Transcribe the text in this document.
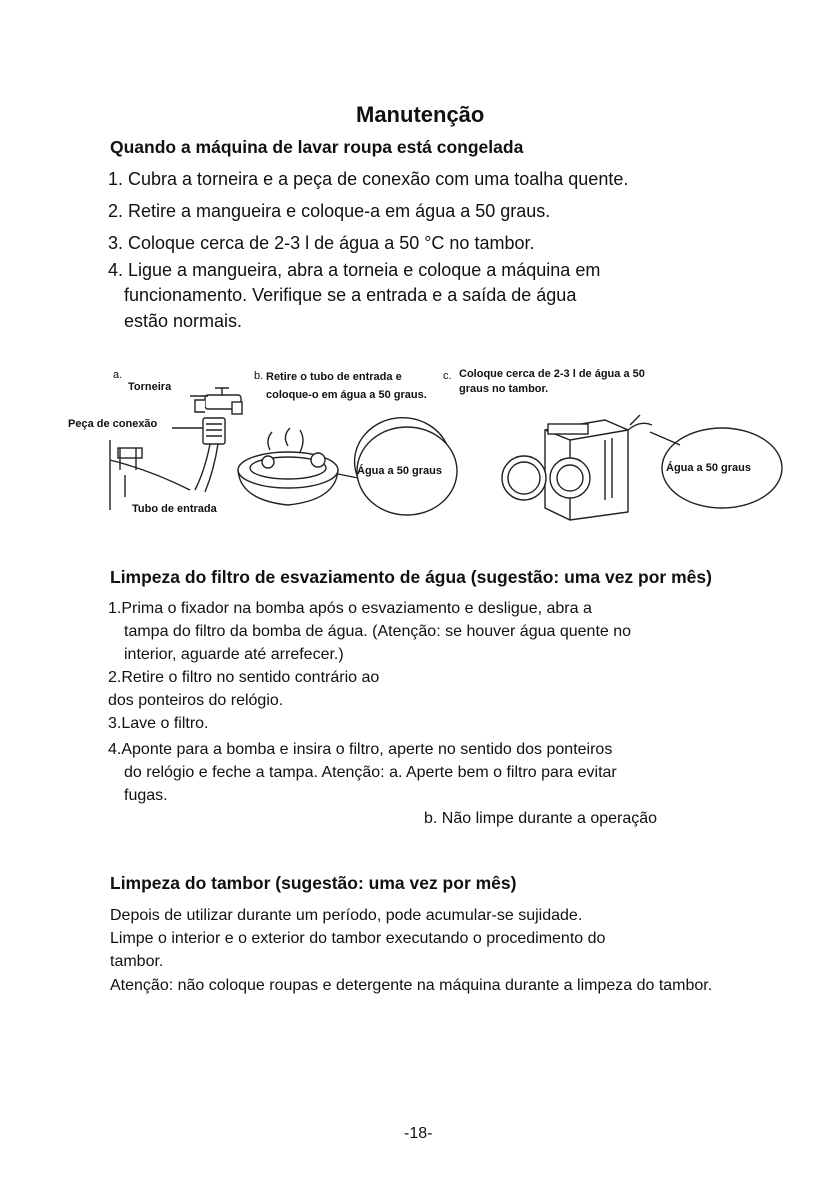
Manutenção
Quando a máquina de lavar roupa está congelada
1. Cubra a torneira e a peça de conexão com uma toalha quente.
2. Retire a mangueira e coloque-a em água a 50 graus.
3. Coloque cerca de 2-3 l de água a 50 °C no tambor.
4. Ligue a mangueira, abra a torneia e coloque a máquina em
funcionamento. Verifique se a entrada e a saída de água
estão normais.
a.
Torneira
Peça de conexão
Tubo de entrada
b. Retire o tubo de entrada e
coloque-o em água a 50 graus.
c. Coloque cerca de 2-3 l de água a 50
graus no tambor.
Água a 50 graus	Água a 50 graus
Limpeza do filtro de esvaziamento de água (sugestão: uma vez por mês)
1.Prima o fixador na bomba após o esvaziamento e desligue, abra a
tampa do filtro da bomba de água. (Atenção: se houver água quente no
interior, aguarde até arrefecer.)
2.Retire o filtro no sentido contrário ao
dos ponteiros do relógio.
3.Lave o filtro.
4.Aponte para a bomba e insira o filtro, aperte no sentido dos ponteiros
do relógio e feche a tampa. Atenção: a. Aperte bem o filtro para evitar
fugas.
b. Não limpe durante a operação
Limpeza do tambor (sugestão: uma vez por mês)
Depois de utilizar durante um período, pode acumular-se sujidade.
Limpe o interior e o exterior do tambor executando o procedimento do
tambor.
Atenção: não coloque roupas e detergente na máquina durante a limpeza do tambor.
-18-
